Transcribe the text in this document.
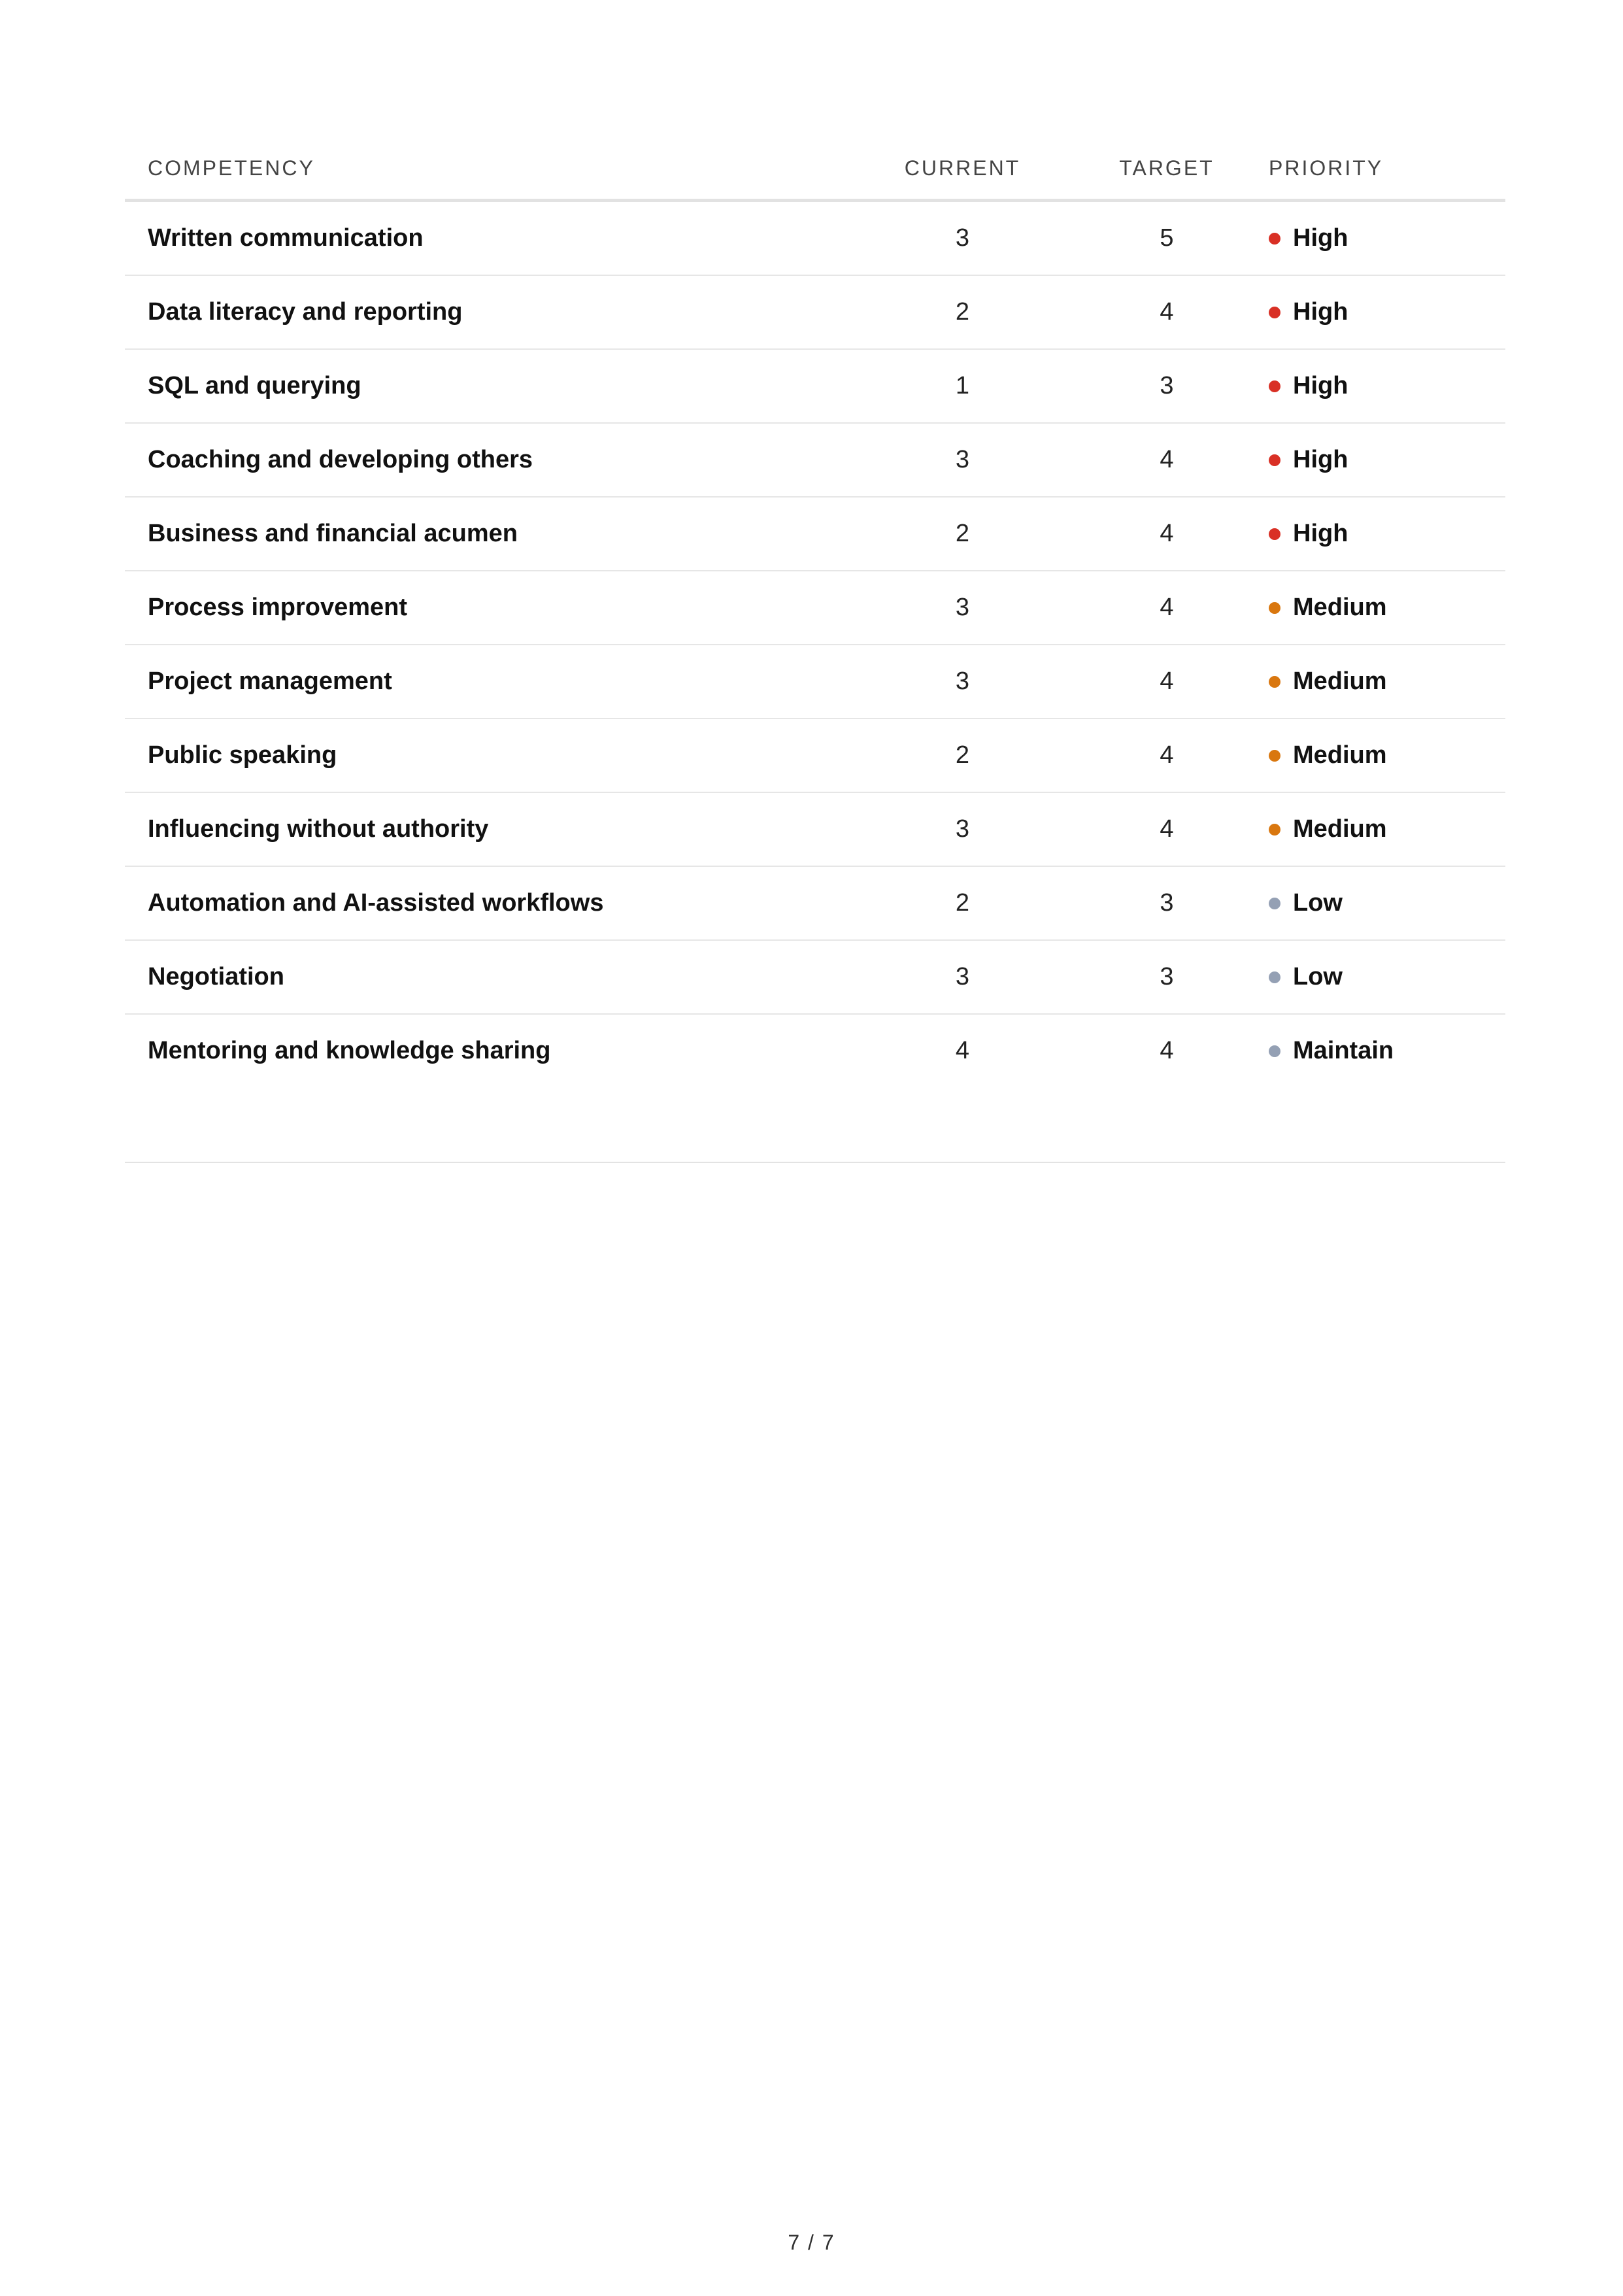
COMPETENCY	CURRENT	TARGET	PRIORITY
Written communication	3	5	High

Data literacy and reporting	2	4	High

SQL and querying	1	3	High

Coaching and developing others	3	4	High

Business and financial acumen	2	4	High

Process improvement	3	4	Medium

Project management	3	4	Medium

Public speaking	2	4	Medium

Influencing without authority	3	4	Medium

Automation and AI-assisted workflows	2	3	Low

Negotiation	3	3	Low

Mentoring and knowledge sharing	4	4	Maintain
7 / 7
